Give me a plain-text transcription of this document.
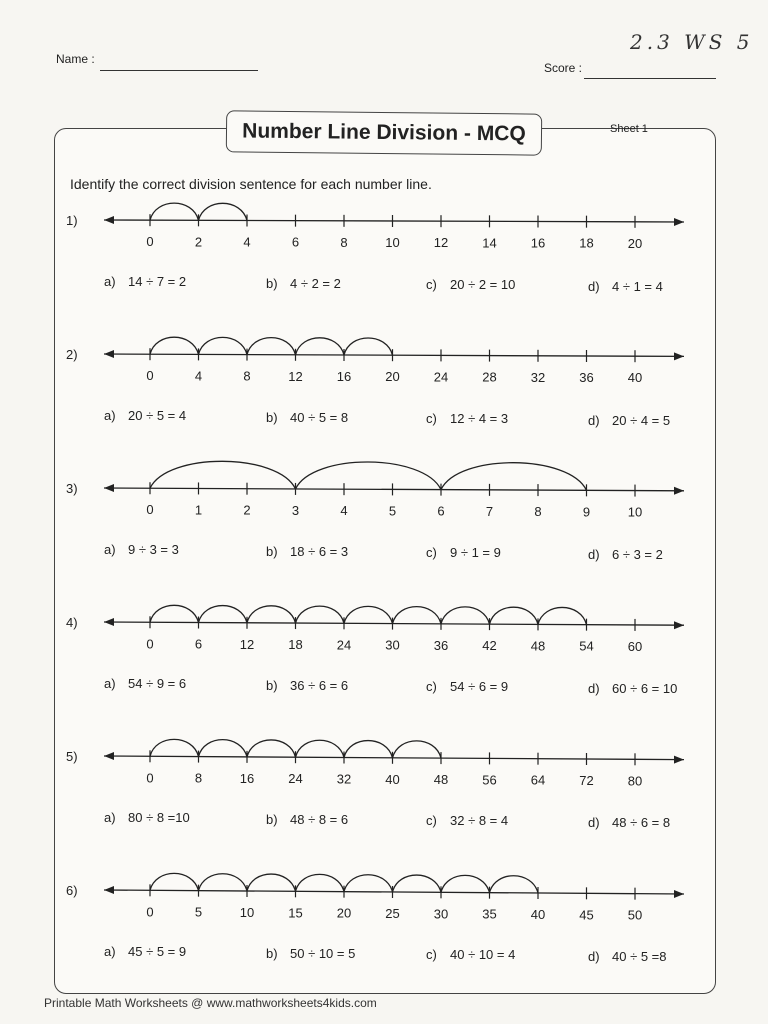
Name :
Score :
2.3 WS 5
Number Line Division - MCQ	Sheet 1
Identify the correct division sentence for each number line.
1)
0	2	4	6	8	10	12	14	16	18	20
a) 14 ÷ 7 = 2	b) 4 ÷ 2 = 2	c) 20 ÷ 2 = 10	d) 4 ÷ 1 = 4
2)
0	4	8	12	16	20	24	28	32	36	40
a) 20 ÷ 5 = 4	b) 40 ÷ 5 = 8	c) 12 ÷ 4 = 3	d) 20 ÷ 4 = 5
3)
0	1	2	3	4	5	6	7	8	9	10
a) 9 ÷ 3 = 3	b) 18 ÷ 6 = 3	c) 9 ÷ 1 = 9	d) 6 ÷ 3 = 2
4)
0	6	12	18	24	30	36	42	48	54	60
a) 54 ÷ 9 = 6	b) 36 ÷ 6 = 6	c) 54 ÷ 6 = 9	d) 60 ÷ 6 = 10
5)
0	8	16	24	32	40	48	56	64	72	80
a) 80 ÷ 8 =10	b) 48 ÷ 8 = 6	c) 32 ÷ 8 = 4	d) 48 ÷ 6 = 8
6)
0	5	10	15	20	25	30	35	40	45	50
a) 45 ÷ 5 = 9	b) 50 ÷ 10 = 5	c) 40 ÷ 10 = 4	d) 40 ÷ 5 =8
Printable Math Worksheets @ www.mathworksheets4kids.com
